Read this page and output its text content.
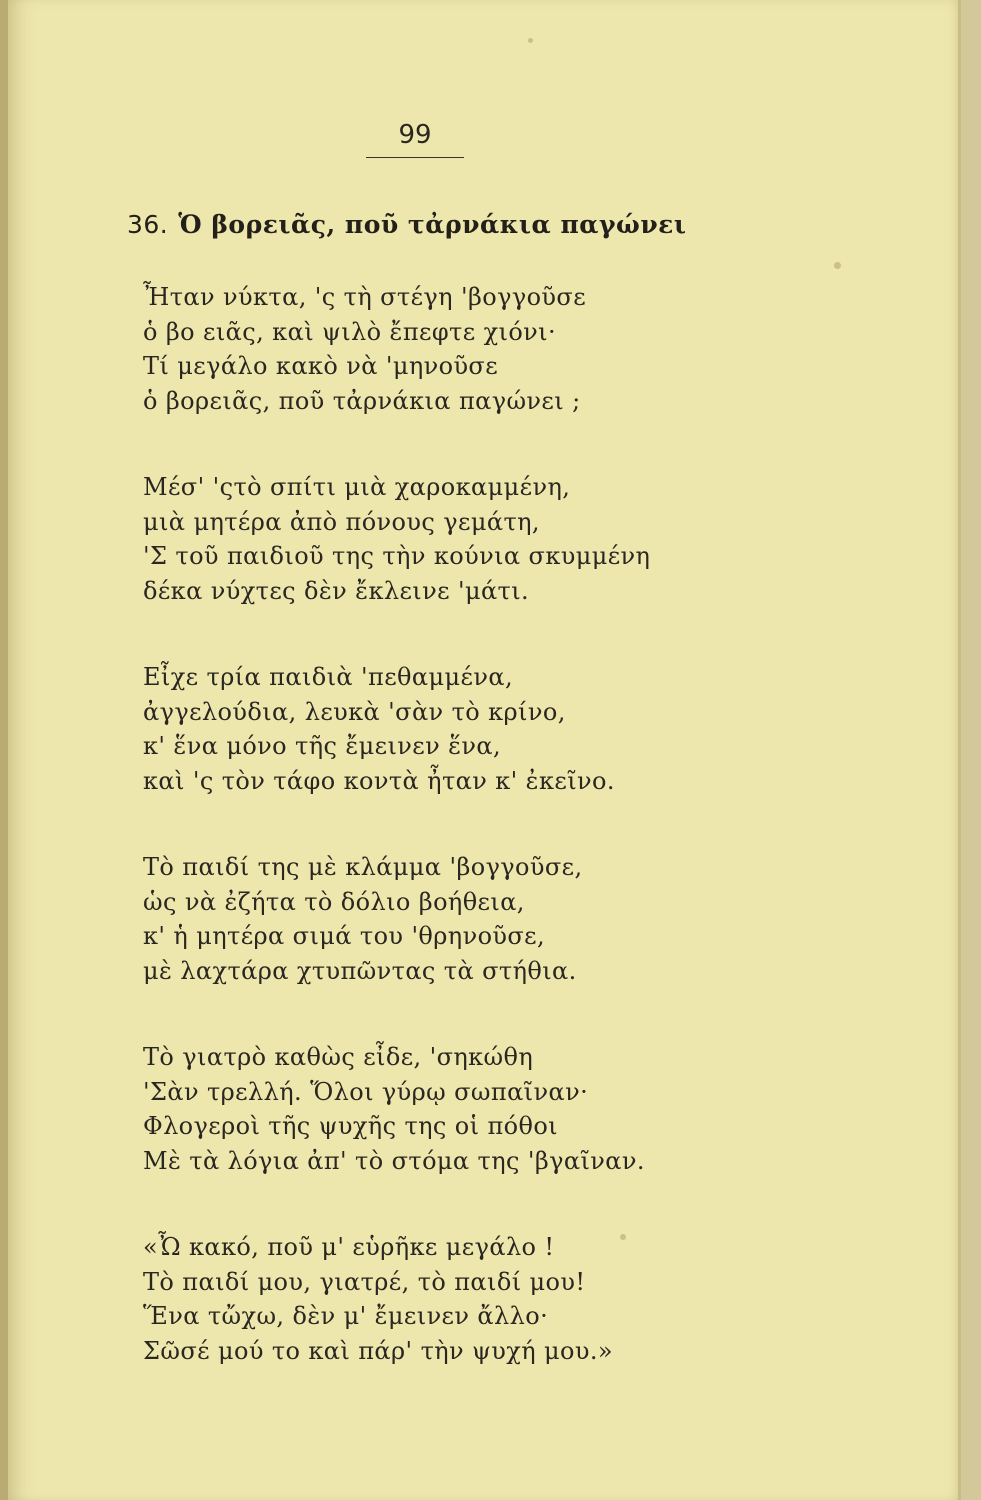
99
36. Ὁ βορειᾶς, ποῦ τἀρνάκια παγώνει
Ἦταν νύκτα, 'ς τὴ στέγη 'βογγοῦσε
ὁ βο ειᾶς, καὶ ψιλὸ ἔπεφτε χιόνι·
Τί μεγάλο κακὸ νὰ 'μηνοῦσε
ὁ βορειᾶς, ποῦ τἀρνάκια παγώνει ;
Μέσ' 'ςτὸ σπίτι μιὰ χαροκαμμένη,
μιὰ μητέρα ἀπὸ πόνους γεμάτη,
'Σ τοῦ παιδιοῦ της τὴν κούνια σκυμμένη
δέκα νύχτες δὲν ἔκλεινε 'μάτι.
Εἶχε τρία παιδιὰ 'πεθαμμένα,
ἀγγελούδια, λευκὰ 'σὰν τὸ κρίνο,
κ' ἕνα μόνο τῆς ἔμεινεν ἕνα,
καὶ 'ς τὸν τάφο κοντὰ ἦταν κ' ἐκεῖνο.
Τὸ παιδί της μὲ κλάμμα 'βογγοῦσε,
ὡς νὰ ἐζήτα τὸ δόλιο βοήθεια,
κ' ἡ μητέρα σιμά του 'θρηνοῦσε,
μὲ λαχτάρα χτυπῶντας τὰ στήθια.
Τὸ γιατρὸ καθὼς εἶδε, 'σηκώθη
'Σὰν τρελλή. Ὅλοι γύρῳ σωπαῖναν·
Φλογεροὶ τῆς ψυχῆς της οἱ πόθοι
Μὲ τὰ λόγια ἀπ' τὸ στόμα της 'βγαῖναν.
«Ὦ κακό, ποῦ μ' εὑρῆκε μεγάλο !
Τὸ παιδί μου, γιατρέ, τὸ παιδί μου!
Ἕνα τὤχω, δὲν μ' ἔμεινεν ἄλλο·
Σῶσέ μού το καὶ πάρ' τὴν ψυχή μου.»
